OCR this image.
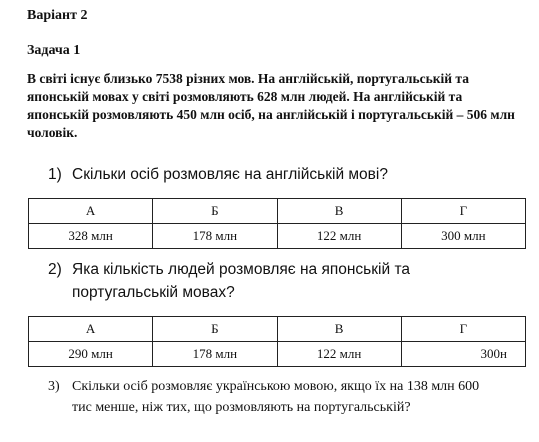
Варіант 2
Задача 1
В світі існує близько 7538 різних мов. На англійській, португальській та японській мовах у світі розмовляють 628 млн людей. На англійській та японській розмовляють 450 млн осіб, на англійській і португальській – 506 млн чоловік.
1) Скільки осіб розмовляє на англійській мові?
А	Б	В	Г
328 млн	178 млн	122 млн	300 млн
2) Яка кількість людей розмовляє на японській та португальській мовах?
А	Б	В	Г
290 млн	178 млн	122 млн	300н
3) Скільки осіб розмовляє українською мовою, якщо їх на 138 млн 600 тис менше, ніж тих, що розмовляють на португальській?
